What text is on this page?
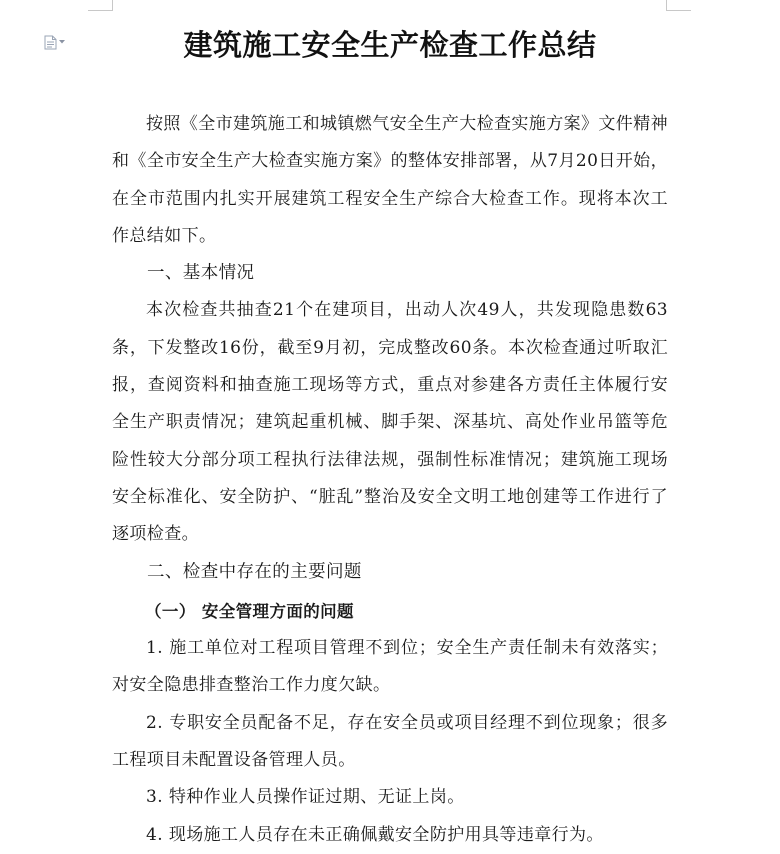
建筑施工安全生产检查工作总结

按照《全市建筑施工和城镇燃气安全生产大检查实施方案》文件精神和《全市安全生产大检查实施方案》的整体安排部署，从7月20日开始，在全市范围内扎实开展建筑工程安全生产综合大检查工作。现将本次工作总结如下。

一、基本情况

本次检查共抽查21个在建项目，出动人次49人，共发现隐患数63条，下发整改16份，截至9月初，完成整改60条。本次检查通过听取汇报，查阅资料和抽查施工现场等方式，重点对参建各方责任主体履行安全生产职责情况；建筑起重机械、脚手架、深基坑、高处作业吊篮等危险性较大分部分项工程执行法律法规，强制性标准情况；建筑施工现场安全标准化、安全防护、“脏乱”整治及安全文明工地创建等工作进行了逐项检查。

二、检查中存在的主要问题

（一） 安全管理方面的问题

1. 施工单位对工程项目管理不到位；安全生产责任制未有效落实；对安全隐患排查整治工作力度欠缺。

2. 专职安全员配备不足，存在安全员或项目经理不到位现象；很多工程项目未配置设备管理人员。

3. 特种作业人员操作证过期、无证上岗。

4. 现场施工人员存在未正确佩戴安全防护用具等违章行为。
